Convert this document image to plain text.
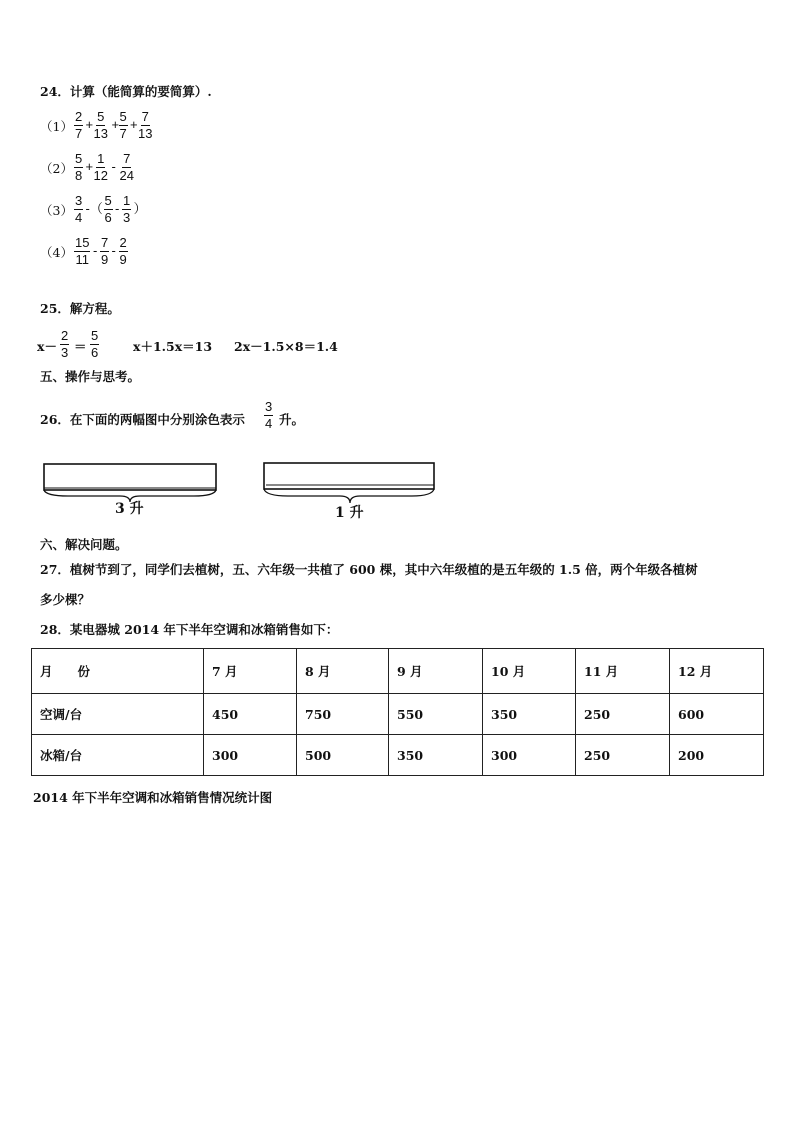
24．计算（能简算的要简算）.
$(1) \frac{2}{7} + \frac{5}{13} + \frac{5}{7} + \frac{7}{13}$
$(2) \frac{5}{8} + \frac{1}{12} - \frac{7}{24}$
$(3) \frac{3}{4}$ -（ $\frac{5}{6} - \frac{1}{3}$ ）
$(4) \frac{15}{11} - \frac{7}{9} - \frac{2}{9}$
25．解方程。
$x- \frac{2}{3} = \frac{5}{6}$	x＋1.5x＝13 2x－1.5×8＝1.4
五、操作与思考。
26．在下面的两幅图中分别涂色表示 $\frac{3}{4}$ 升。
3 升	1 升
六、解决问题。
27．植树节到了，同学们去植树，五、六年级一共植了 600 棵，其中六年级植的是五年级的 1.5 倍，两个年级各植树
多少棵？
28．某电器城 2014 年下半年空调和冰箱销售如下：
月　　份	7 月	8 月	9 月	10 月	11 月	12 月
空调/台	450	750	550	350	250	600
冰箱/台	300	500	350	300	250	200
2014 年下半年空调和冰箱销售情况统计图
